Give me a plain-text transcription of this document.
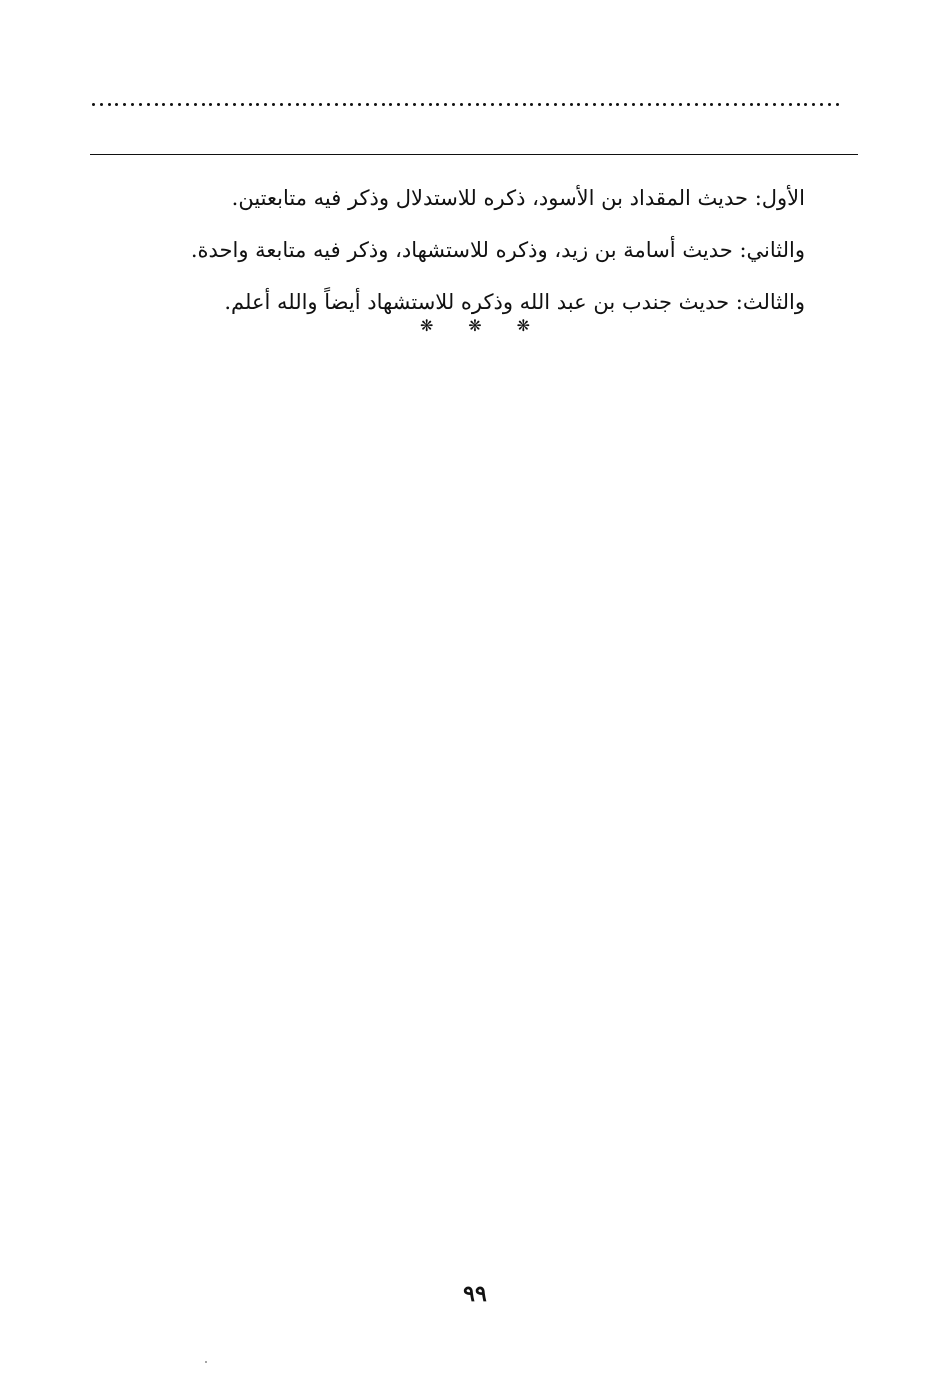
الأول: حديث المقداد بن الأسود، ذكره للاستدلال وذكر فيه متابعتين.
والثاني: حديث أسامة بن زيد، وذكره للاستشهاد، وذكر فيه متابعة واحدة.
والثالث: حديث جندب بن عبد الله وذكره للاستشهاد أيضاً والله أعلم.
❋ ❋ ❋
٩٩
